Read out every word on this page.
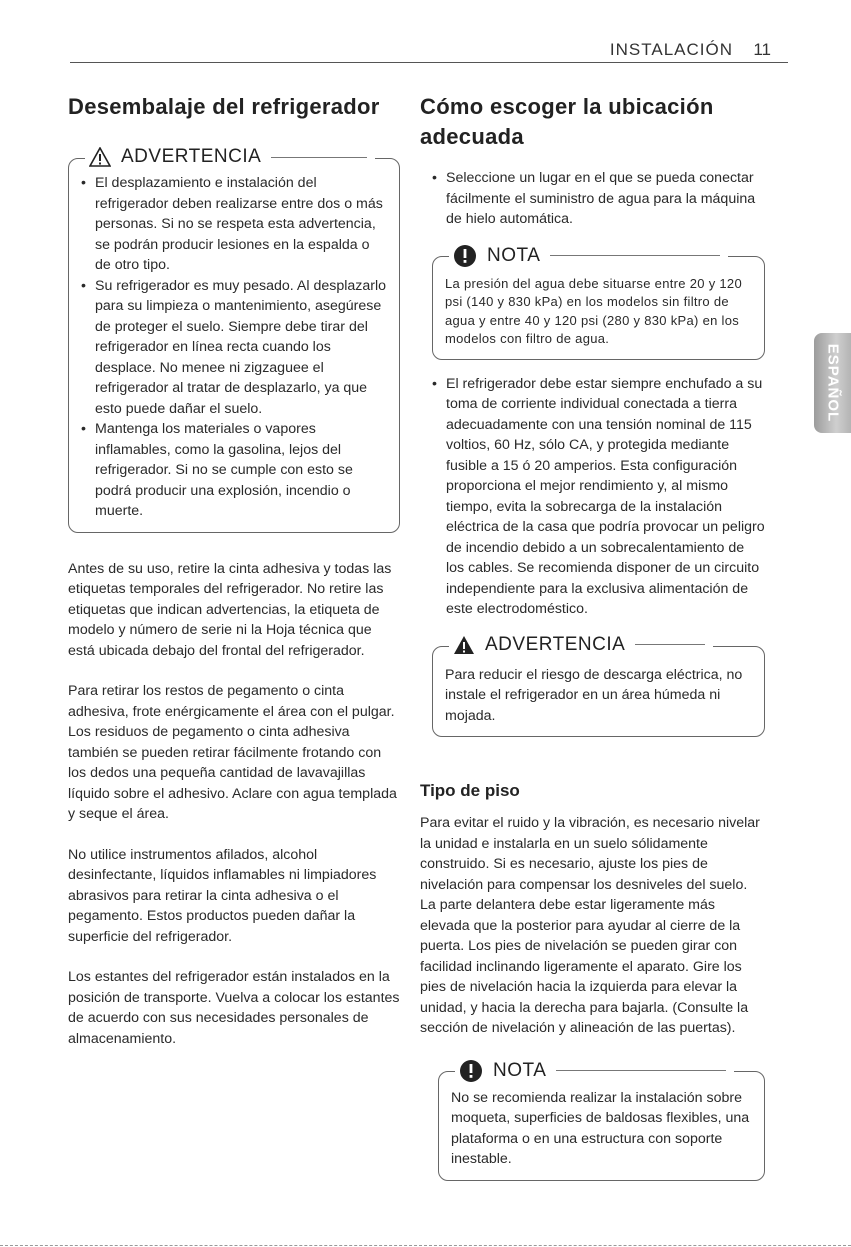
INSTALACIÓN 11
Desembalaje del refrigerador
ADVERTENCIA
• El desplazamiento e instalación del refrigerador deben realizarse entre dos o más personas. Si no se respeta esta advertencia, se podrán producir lesiones en la espalda o de otro tipo.
• Su refrigerador es muy pesado. Al desplazarlo para su limpieza o mantenimiento, asegúrese de proteger el suelo. Siempre debe tirar del refrigerador en línea recta cuando los desplace. No menee ni zigzaguee el refrigerador al tratar de desplazarlo, ya que esto puede dañar el suelo.
• Mantenga los materiales o vapores inflamables, como la gasolina, lejos del refrigerador. Si no se cumple con esto se podrá producir una explosión, incendio o muerte.

Antes de su uso, retire la cinta adhesiva y todas las etiquetas temporales del refrigerador. No retire las etiquetas que indican advertencias, la etiqueta de modelo y número de serie ni la Hoja técnica que está ubicada debajo del frontal del refrigerador.

Para retirar los restos de pegamento o cinta adhesiva, frote enérgicamente el área con el pulgar. Los residuos de pegamento o cinta adhesiva también se pueden retirar fácilmente frotando con los dedos una pequeña cantidad de lavavajillas líquido sobre el adhesivo. Aclare con agua templada y seque el área.

No utilice instrumentos afilados, alcohol desinfectante, líquidos inflamables ni limpiadores abrasivos para retirar la cinta adhesiva o el pegamento. Estos productos pueden dañar la superficie del refrigerador.

Los estantes del refrigerador están instalados en la posición de transporte. Vuelva a colocar los estantes de acuerdo con sus necesidades personales de almacenamiento.

Cómo escoger la ubicación adecuada
• Seleccione un lugar en el que se pueda conectar fácilmente el suministro de agua para la máquina de hielo automática.
NOTA

La presión del agua debe situarse entre 20 y 120 psi (140 y 830 kPa) en los modelos sin filtro de agua y entre 40 y 120 psi (280 y 830 kPa) en los modelos con filtro de agua.

• El refrigerador debe estar siempre enchufado a su toma de corriente individual conectada a tierra adecuadamente con una tensión nominal de 115 voltios, 60 Hz, sólo CA, y protegida mediante fusible a 15 ó 20 amperios. Esta configuración proporciona el mejor rendimiento y, al mismo tiempo, evita la sobrecarga de la instalación eléctrica de la casa que podría provocar un peligro de incendio debido a un sobrecalentamiento de los cables. Se recomienda disponer de un circuito independiente para la exclusiva alimentación de este electrodoméstico.
ADVERTENCIA

Para reducir el riesgo de descarga eléctrica, no instale el refrigerador en un área húmeda ni mojada.

Tipo de piso

Para evitar el ruido y la vibración, es necesario nivelar la unidad e instalarla en un suelo sólidamente construido. Si es necesario, ajuste los pies de nivelación para compensar los desniveles del suelo. La parte delantera debe estar ligeramente más elevada que la posterior para ayudar al cierre de la puerta. Los pies de nivelación se pueden girar con facilidad inclinando ligeramente el aparato. Gire los pies de nivelación hacia la izquierda para elevar la unidad, y hacia la derecha para bajarla. (Consulte la sección de nivelación y alineación de las puertas).

NOTA

No se recomienda realizar la instalación sobre moqueta, superficies de baldosas flexibles, una plataforma o en una estructura con soporte inestable.

ESPAÑOL
